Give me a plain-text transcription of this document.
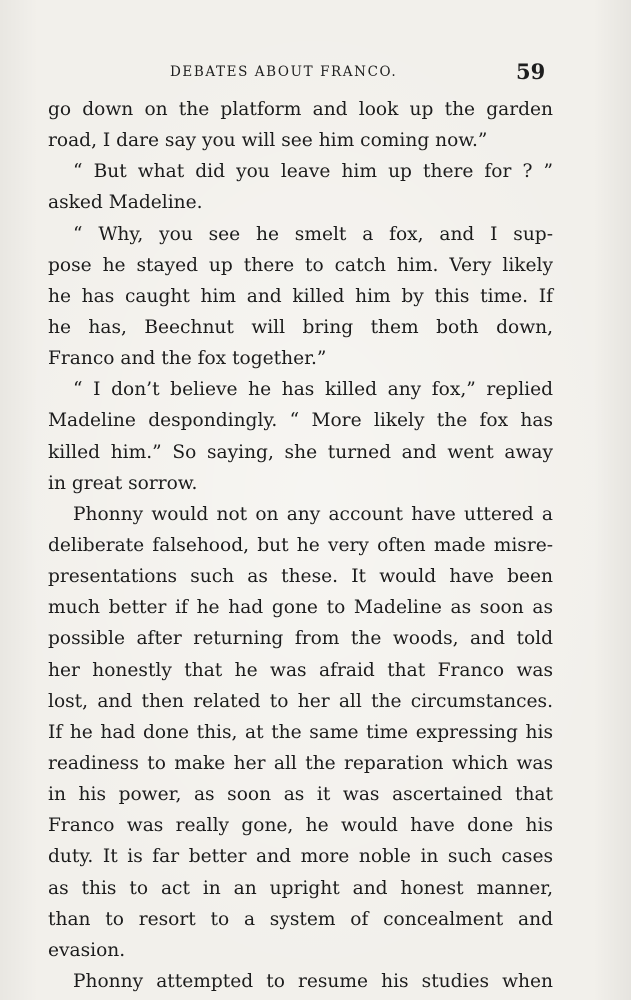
DEBATES ABOUT FRANCO.	59
go down on the platform and look up the garden
road, I dare say you will see him coming now.”
“ But what did you leave him up there for ? ”
asked Madeline.
“ Why, you see he smelt a fox, and I sup-
pose he stayed up there to catch him. Very likely
he has caught him and killed him by this time. If
he has, Beechnut will bring them both down,
Franco and the fox together.”
“ I don’t believe he has killed any fox,” replied
Madeline despondingly. “ More likely the fox has
killed him.” So saying, she turned and went away
in great sorrow.
Phonny would not on any account have uttered a
deliberate falsehood, but he very often made misre-
presentations such as these. It would have been
much better if he had gone to Madeline as soon as
possible after returning from the woods, and told
her honestly that he was afraid that Franco was
lost, and then related to her all the circumstances.
If he had done this, at the same time expressing his
readiness to make her all the reparation which was
in his power, as soon as it was ascertained that
Franco was really gone, he would have done his
duty. It is far better and more noble in such cases
as this to act in an upright and honest manner,
than to resort to a system of concealment and
evasion.
Phonny attempted to resume his studies when
